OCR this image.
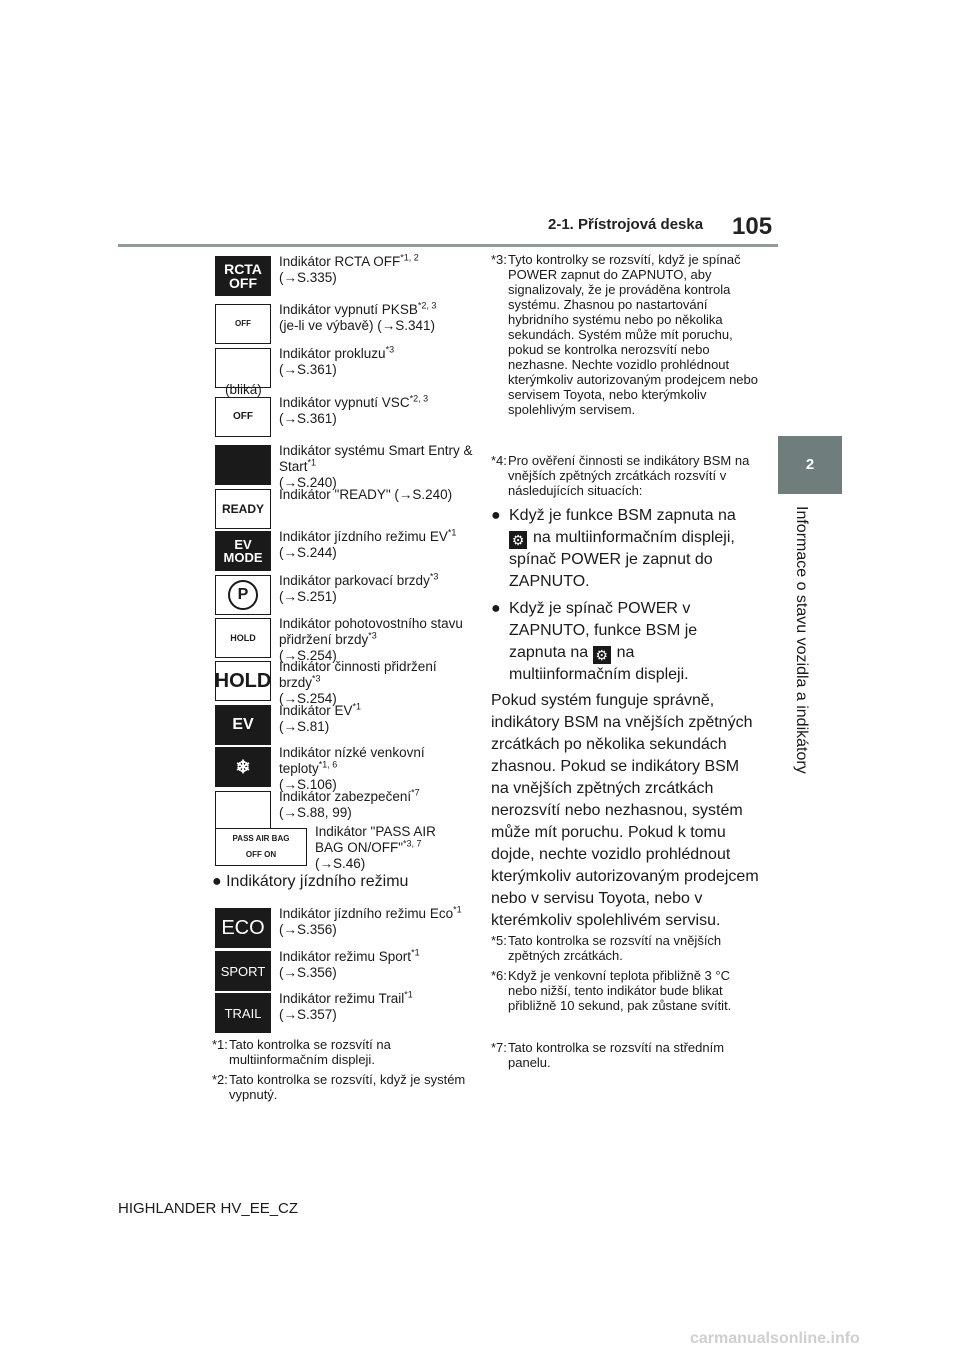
2-1. Přístrojová deska 105
2
Informace o stavu vozidla a indikátory
RCTA
OFF
Indikátor RCTA OFF$^{*1, 2}$
(→S.335)
OFF
Indikátor vypnutí PKSB$^{*2, 3}$
(je-li ve výbavě) (→S.341)
Indikátor prokluzu$^{*3}$
(→S.361)
(bliká)
OFF
Indikátor vypnutí VSC$^{*2, 3}$
(→S.361)
Indikátor systému Smart Entry & Start$^{*1}$
(→S.240)
READY
Indikátor "READY" (→S.240)
EV
MODE
Indikátor jízdního režimu EV$^{*1}$
(→S.244)
P
Indikátor parkovací brzdy$^{*3}$
(→S.251)
HOLD
Indikátor pohotovostního stavu přidržení brzdy$^{*3}$
(→S.254)
HOLD
Indikátor činnosti přidržení brzdy$^{*3}$
(→S.254)
EV
Indikátor EV$^{*1}$
(→S.81)
❄
Indikátor nízké venkovní teploty$^{*1, 6}$
(→S.106)
Indikátor zabezpečení$^{*7}$
(→S.88, 99)
PASS AIR BAG
OFF ON
Indikátor "PASS AIR BAG ON/OFF"$^{*3, 7}$
(→S.46)
● Indikátory jízdního režimu
ECO
Indikátor jízdního režimu Eco$^{*1}$
(→S.356)
SPORT
Indikátor režimu Sport$^{*1}$
(→S.356)
TRAIL
Indikátor režimu Trail$^{*1}$
(→S.357)
*1: Tato kontrolka se rozsvítí na multiinformačním displeji.
*2: Tato kontrolka se rozsvítí, když je systém vypnutý.
*3: Tyto kontrolky se rozsvítí, když je spínač POWER zapnut do ZAPNUTO, aby signalizovaly, že je prováděna kontrola systému. Zhasnou po nastartování hybridního systému nebo po několika sekundách. Systém může mít poruchu, pokud se kontrolka nerozsvítí nebo nezhasne. Nechte vozidlo prohlédnout kterýmkoliv autorizovaným prodejcem nebo servisem Toyota, nebo kterýmkoliv spolehlivým servisem.
*4: Pro ověření činnosti se indikátory BSM na vnějších zpětných zrcátkách rozsvítí v následujících situacích:
● Když je funkce BSM zapnuta na
⚙ na multiinformačním displeji, spínač POWER je zapnut do ZAPNUTO.
● Když je spínač POWER v ZAPNUTO, funkce BSM je zapnuta na ⚙ na multiinformačním displeji.
Pokud systém funguje správně, indikátory BSM na vnějších zpětných zrcátkách po několika sekundách zhasnou. Pokud se indikátory BSM na vnějších zpětných zrcátkách nerozsvítí nebo nezhasnou, systém může mít poruchu. Pokud k tomu dojde, nechte vozidlo prohlédnout kterýmkoliv autorizovaným prodejcem nebo v servisu Toyota, nebo v kterémkoliv spolehlivém servisu.
*5: Tato kontrolka se rozsvítí na vnějších zpětných zrcátkách.
*6: Když je venkovní teplota přibližně 3 °C nebo nižší, tento indikátor bude blikat přibližně 10 sekund, pak zůstane svítit.
*7: Tato kontrolka se rozsvítí na středním panelu.
HIGHLANDER HV_EE_CZ
carmanualsonline.info
